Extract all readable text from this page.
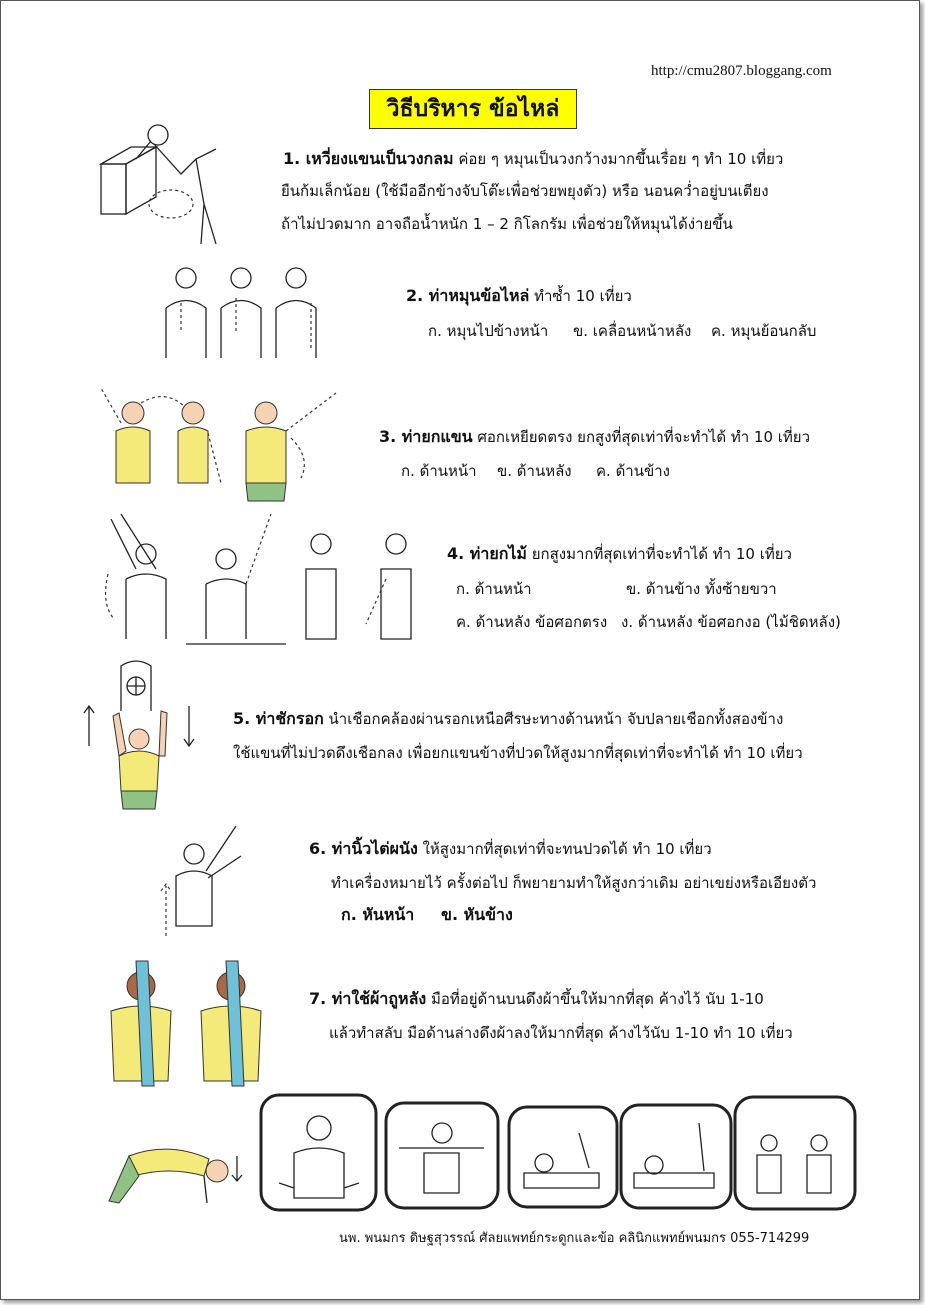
http://cmu2807.bloggang.com
วิธีบริหาร ข้อไหล่
1. เหวี่ยงแขนเป็นวงกลม ค่อย ๆ หมุนเป็นวงกว้างมากขึ้นเรื่อย ๆ ทำ 10 เที่ยว
ยืนก้มเล็กน้อย (ใช้มืออีกข้างจับโต๊ะเพื่อช่วยพยุงตัว) หรือ นอนคว่ำอยู่บนเตียง
ถ้าไม่ปวดมาก อาจถือน้ำหนัก 1 – 2 กิโลกรัม เพื่อช่วยให้หมุนได้ง่ายขึ้น
2. ท่าหมุนข้อไหล่ ทำซ้ำ 10 เที่ยว
ก. หมุนไปข้างหน้า ข. เคลื่อนหน้าหลัง ค. หมุนย้อนกลับ
3. ท่ายกแขน ศอกเหยียดตรง ยกสูงที่สุดเท่าที่จะทำได้ ทำ 10 เที่ยว
ก. ด้านหน้า ข. ด้านหลัง ค. ด้านข้าง
4. ท่ายกไม้ ยกสูงมากที่สุดเท่าที่จะทำได้ ทำ 10 เที่ยว
ก. ด้านหน้า	ข. ด้านข้าง ทั้งซ้ายขวา
ค. ด้านหลัง ข้อศอกตรง ง. ด้านหลัง ข้อศอกงอ (ไม้ชิดหลัง)
5. ท่าชักรอก นำเชือกคล้องผ่านรอกเหนือศีรษะทางด้านหน้า จับปลายเชือกทั้งสองข้าง
ใช้แขนที่ไม่ปวดดึงเชือกลง เพื่อยกแขนข้างที่ปวดให้สูงมากที่สุดเท่าที่จะทำได้ ทำ 10 เที่ยว
6. ท่านิ้วไต่ผนัง ให้สูงมากที่สุดเท่าที่จะทนปวดได้ ทำ 10 เที่ยว
ทำเครื่องหมายไว้ ครั้งต่อไป ก็พยายามทำให้สูงกว่าเดิม อย่าเขย่งหรือเอียงตัว
ก. หันหน้า ข. หันข้าง
7. ท่าใช้ผ้าถูหลัง มือที่อยู่ด้านบนดึงผ้าขึ้นให้มากที่สุด ค้างไว้ นับ 1-10
แล้วทำสลับ มือด้านล่างดึงผ้าลงให้มากที่สุด ค้างไว้นับ 1-10 ทำ 10 เที่ยว
นพ. พนมกร ดิษฐสุวรรณ์ ศัลยแพทย์กระดูกและข้อ คลินิกแพทย์พนมกร 055-714299
